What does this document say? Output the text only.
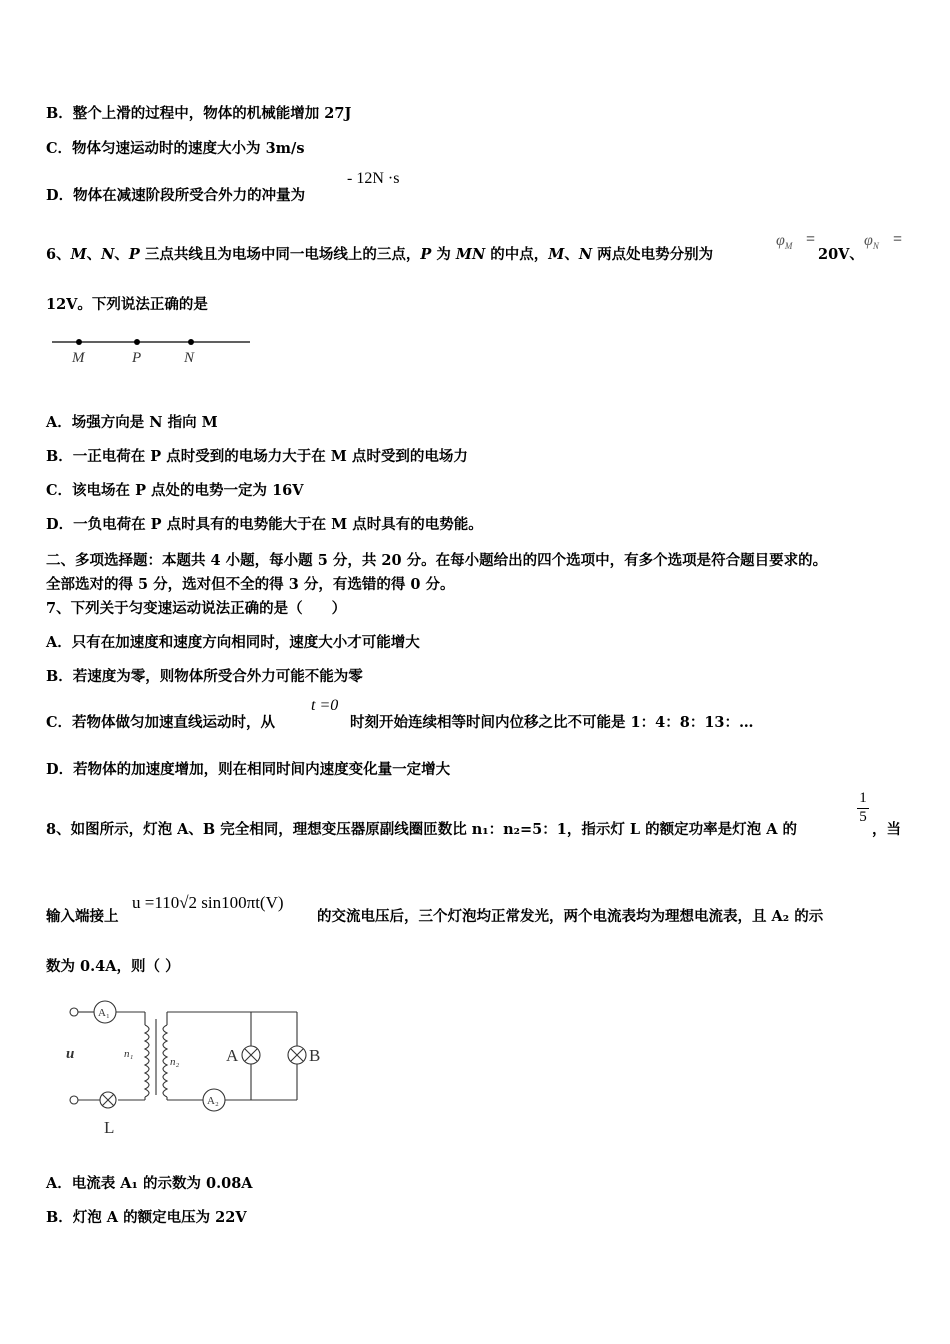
B．整个上滑的过程中，物体的机械能增加 27J
C．物体匀速运动时的速度大小为 3m/s
D．物体在减速阶段所受合外力的冲量为
- 12N ·s
6、M、N、P 三点共线且为电场中同一电场线上的三点，P 为 MN 的中点，M、N 两点处电势分别为
$\varphi_M$ =
20V、
$\varphi_N$ =
12V。下列说法正确的是
M	P	N
A．场强方向是 N 指向 M
B．一正电荷在 P 点时受到的电场力大于在 M 点时受到的电场力
C．该电场在 P 点处的电势一定为 16V
D．一负电荷在 P 点时具有的电势能大于在 M 点时具有的电势能。
二、多项选择题：本题共 4 小题，每小题 5 分，共 20 分。在每小题给出的四个选项中，有多个选项是符合题目要求的。
全部选对的得 5 分，选对但不全的得 3 分，有选错的得 0 分。
7、下列关于匀变速运动说法正确的是（　　）
A．只有在加速度和速度方向相同时，速度大小才可能增大
B．若速度为零，则物体所受合外力可能不能为零
C．若物体做匀加速直线运动时，从
t =0
时刻开始连续相等时间内位移之比不可能是 1：4：8：13：…
D．若物体的加速度增加，则在相同时间内速度变化量一定增大
8、如图所示，灯泡 A、B 完全相同，理想变压器原副线圈匝数比 n₁：n₂=5：1，指示灯 L 的额定功率是灯泡 A 的
1
5
，当
输入端接上
u =110√2 sin100πt(V)
的交流电压后，三个灯泡均正常发光，两个电流表均为理想电流表，且 A₂ 的示
数为 0.4A，则（ ）
A₁
A₂
u	n₁
n₂	A	B
L
A．电流表 A₁ 的示数为 0.08A
B．灯泡 A 的额定电压为 22V
